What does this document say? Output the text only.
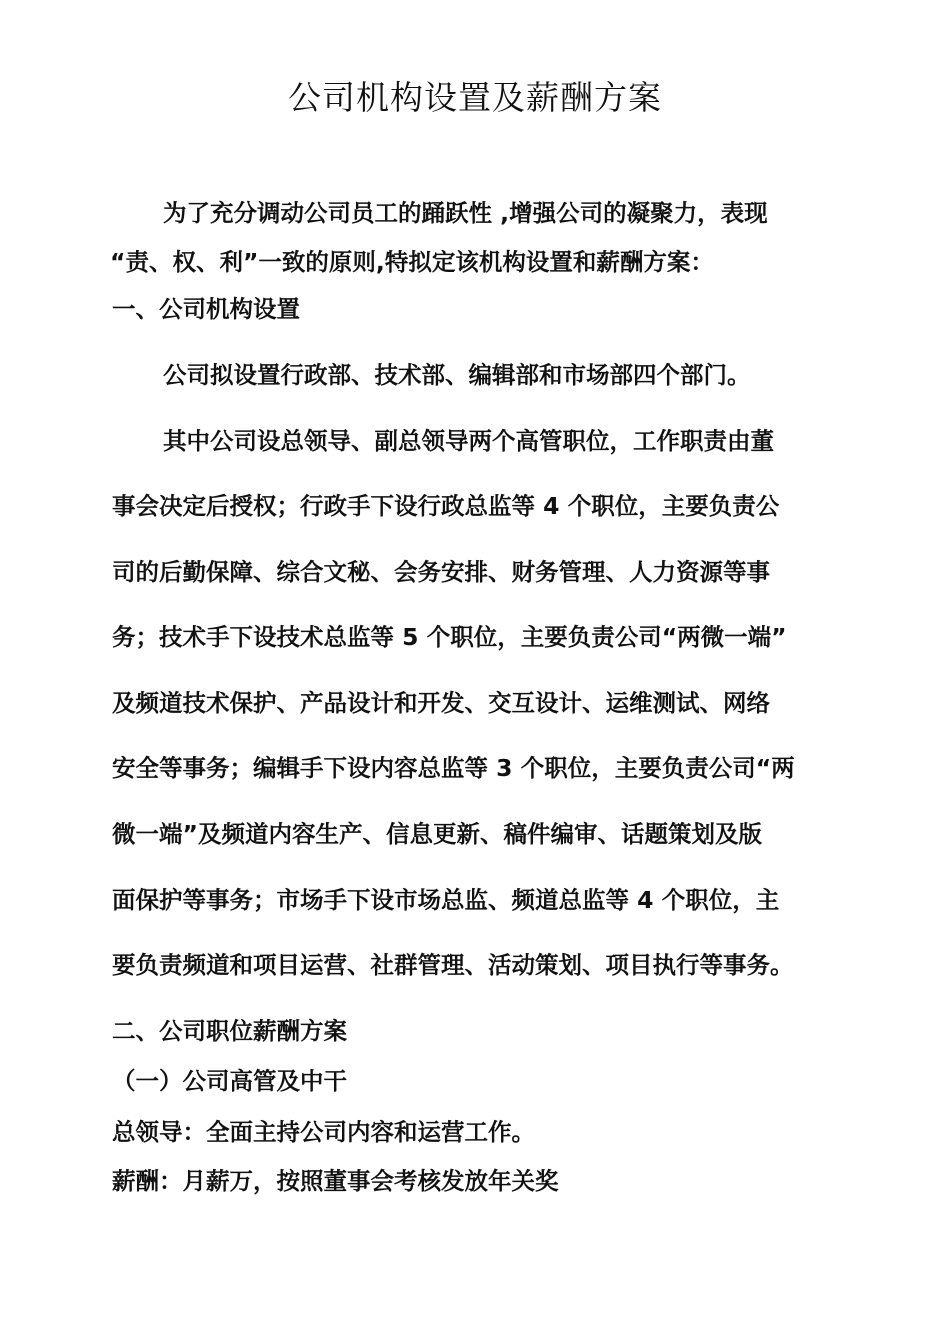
公司机构设置及薪酬方案

为了充分调动公司员工的踊跃性 ,增强公司的凝聚力，表现

“责、权、利”一致的原则,特拟定该机构设置和薪酬方案：

一、公司机构设置

公司拟设置行政部、技术部、编辑部和市场部四个部门。

其中公司设总领导、副总领导两个高管职位，工作职责由董

事会决定后授权；行政手下设行政总监等 4 个职位，主要负责公

司的后勤保障、综合文秘、会务安排、财务管理、人力资源等事

务；技术手下设技术总监等 5 个职位，主要负责公司“两微一端”

及频道技术保护、产品设计和开发、交互设计、运维测试、网络

安全等事务；编辑手下设内容总监等 3 个职位，主要负责公司“两

微一端”及频道内容生产、信息更新、稿件编审、话题策划及版

面保护等事务；市场手下设市场总监、频道总监等 4 个职位，主

要负责频道和项目运营、社群管理、活动策划、项目执行等事务。

二、公司职位薪酬方案

（一）公司高管及中干

总领导：全面主持公司内容和运营工作。

薪酬：月薪万，按照董事会考核发放年关奖
